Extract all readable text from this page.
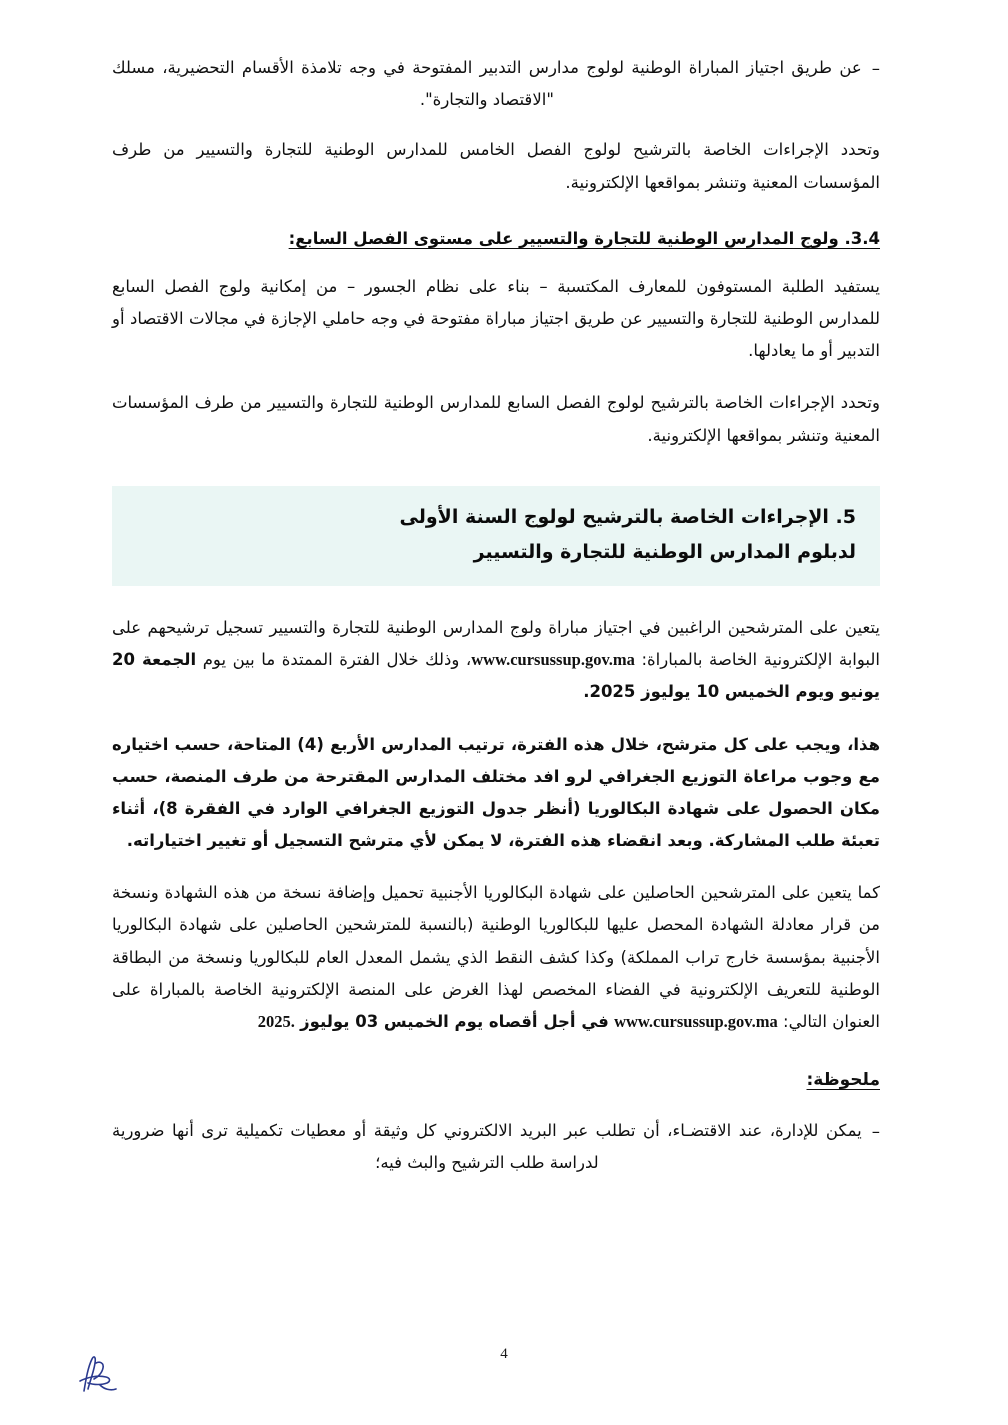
–
عن طريق اجتياز المباراة الوطنية لولوج مدارس التدبير المفتوحة في وجه تلامذة الأقسام التحضيرية، مسلك "الاقتصاد والتجارة".

وتحدد الإجراءات الخاصة بالترشيح لولوج الفصل الخامس للمدارس الوطنية للتجارة والتسيير من طرف المؤسسات المعنية وتنشر بمواقعها الإلكترونية.

3.4. ولوج المدارس الوطنية للتجارة والتسيير على مستوى الفصل السابع:

يستفيد الطلبة المستوفون للمعارف المكتسبة – بناء على نظام الجسور – من إمكانية ولوج الفصل السابع للمدارس الوطنية للتجارة والتسيير عن طريق اجتياز مباراة مفتوحة في وجه حاملي الإجازة في مجالات الاقتصاد أو التدبير أو ما يعادلها.

وتحدد الإجراءات الخاصة بالترشيح لولوج الفصل السابع للمدارس الوطنية للتجارة والتسيير من طرف المؤسسات المعنية وتنشر بمواقعها الإلكترونية.

5. الإجراءات الخاصة بالترشيح لولوج السنة الأولى
لدبلوم المدارس الوطنية للتجارة والتسيير

يتعين على المترشحين الراغبين في اجتياز مباراة ولوج المدارس الوطنية للتجارة والتسيير تسجيل ترشيحهم على البوابة الإلكترونية الخاصة بالمباراة: www.cursussup.gov.ma، وذلك خلال الفترة الممتدة ما بين يوم الجمعة 20 يونيو ويوم الخميس 10 يوليوز 2025.

هذا، ويجب على كل مترشح، خلال هذه الفترة، ترتيب المدارس الأربع (4) المتاحة، حسب اختياره مع وجوب مراعاة التوزيع الجغرافي لرو افد مختلف المدارس المقترحة من طرف المنصة، حسب مكان الحصول على شهادة البكالوريا (أنظر جدول التوزيع الجغرافي الوارد في الفقرة 8)، أثناء تعبئة طلب المشاركة. وبعد انقضاء هذه الفترة، لا يمكن لأي مترشح التسجيل أو تغيير اختياراته.

كما يتعين على المترشحين الحاصلين على شهادة البكالوريا الأجنبية تحميل وإضافة نسخة من هذه الشهادة ونسخة من قرار معادلة الشهادة المحصل عليها للبكالوريا الوطنية (بالنسبة للمترشحين الحاصلين على شهادة البكالوريا الأجنبية بمؤسسة خارج تراب المملكة) وكذا كشف النقط الذي يشمل المعدل العام للبكالوريا ونسخة من البطاقة الوطنية للتعريف الإلكترونية في الفضاء المخصص لهذا الغرض على المنصة الإلكترونية الخاصة بالمباراة على العنوان التالي: www.cursussup.gov.ma في أجل أقصاه يوم الخميس 03 يوليوز 2025.

ملحوظة:
–
يمكن للإدارة، عند الاقتضـاء، أن تطلب عبر البريد الالكتروني كل وثيقة أو معطيات تكميلية ترى أنها ضرورية لدراسة طلب الترشيح والبث فيه؛
4
